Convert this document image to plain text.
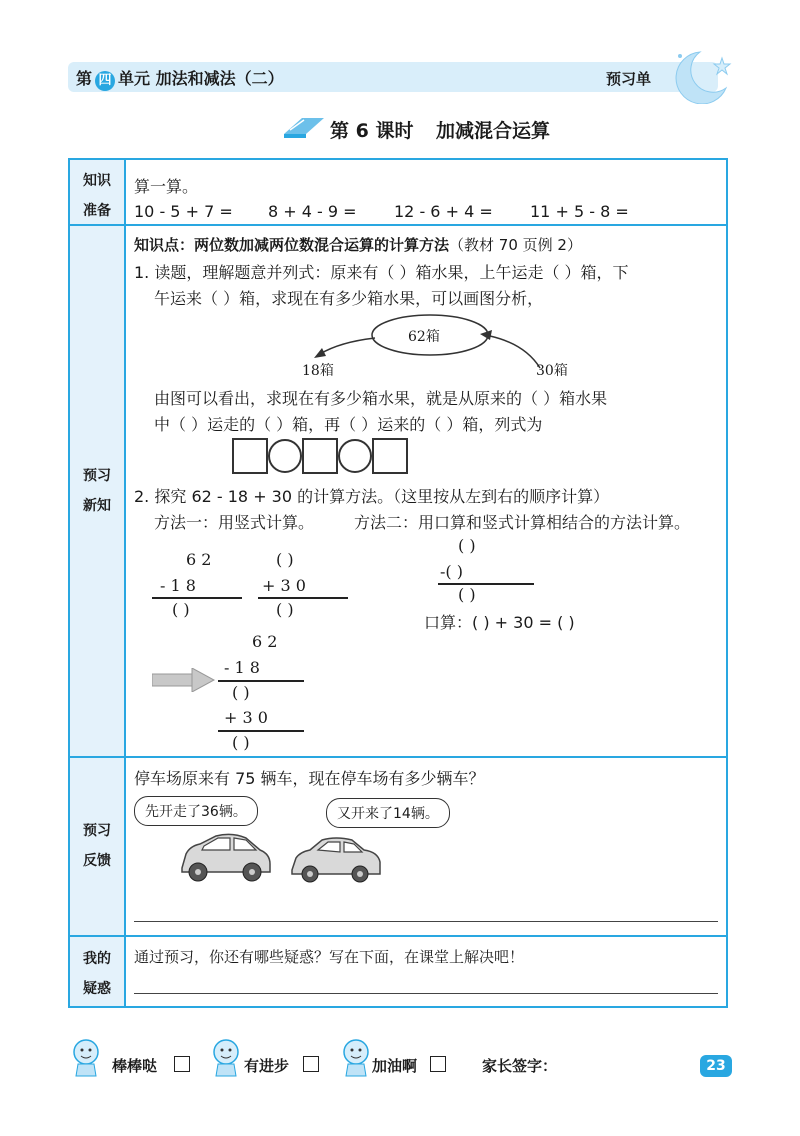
第 四 单元 加法和减法（二）	预习单
第 6 课时 加减混合运算
知识
准备
预习
新知
预习
反馈
我的
疑惑
算一算。
10 - 5 + 7 = 8 + 4 - 9 = 12 - 6 + 4 = 11 + 5 - 8 =
知识点：两位数加减两位数混合运算的计算方法（教材 70 页例 2）
1. 读题，理解题意并列式：原来有（ ）箱水果，上午运走（ ）箱，下
午运来（ ）箱，求现在有多少箱水果，可以画图分析，
62箱
18箱	30箱
由图可以看出，求现在有多少箱水果，就是从原来的（ ）箱水果
中（ ）运走的（ ）箱，再（ ）运来的（ ）箱，列式为
2. 探究 62 - 18 + 30 的计算方法。（这里按从左到右的顺序计算）
方法一：用竖式计算。 方法二：用口算和竖式计算相结合的方法计算。
6 2
- 1 8
( )
( )
+ 3 0
( )
6 2
- 1 8
( )
+ 3 0
( )
( )
-( )
( )
口算：( ) + 30 = ( )
停车场原来有 75 辆车，现在停车场有多少辆车？
先开走了36辆。	又开来了14辆。
通过预习，你还有哪些疑惑？写在下面，在课堂上解决吧！
棒棒哒	有进步	加油啊	家长签字：	23
